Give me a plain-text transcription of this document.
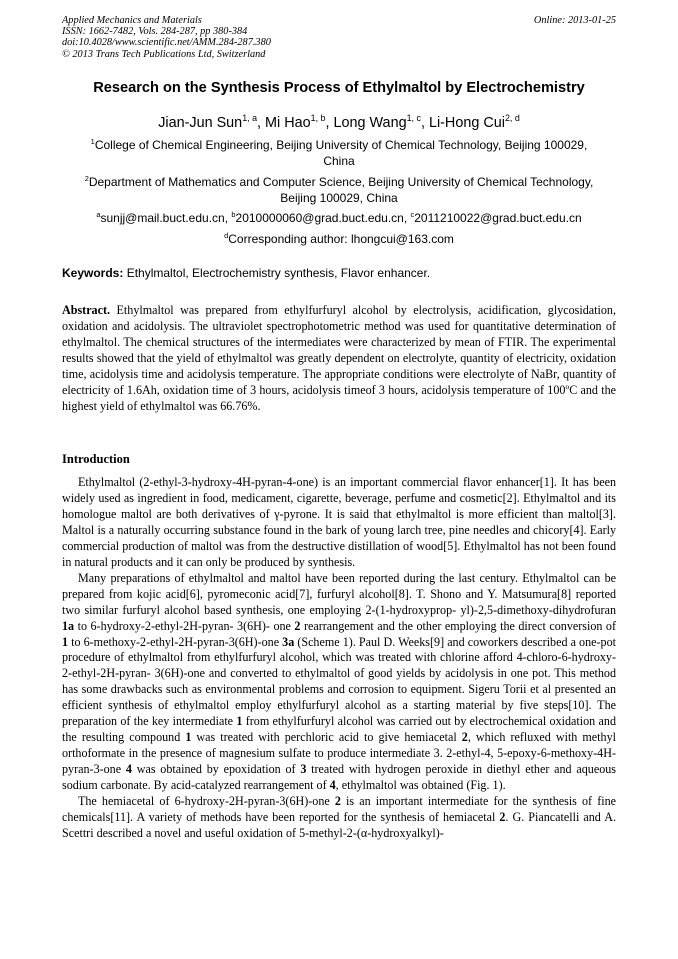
Applied Mechanics and Materials
ISSN: 1662-7482, Vols. 284-287, pp 380-384
doi:10.4028/www.scientific.net/AMM.284-287.380
© 2013 Trans Tech Publications Ltd, Switzerland
Online: 2013-01-25
Research on the Synthesis Process of Ethylmaltol by Electrochemistry
Jian-Jun Sun$^{1, a}$, Mi Hao$^{1, b}$, Long Wang$^{1, c}$, Li-Hong Cui$^{2, d}$
$^1$College of Chemical Engineering, Beijing University of Chemical Technology, Beijing 100029,
China
$^2$Department of Mathematics and Computer Science, Beijing University of Chemical Technology,
Beijing 100029, China
$^a$sunjj@mail.buct.edu.cn, $^b$2010000060@grad.buct.edu.cn, $^c$2011210022@grad.buct.edu.cn
$^d$Corresponding author: lhongcui@163.com
Keywords: Ethylmaltol, Electrochemistry synthesis, Flavor enhancer.

Abstract. Ethylmaltol was prepared from ethylfurfuryl alcohol by electrolysis, acidification, glycosidation, oxidation and acidolysis. The ultraviolet spectrophotometric method was used for quantitative determination of ethylmaltol. The chemical structures of the intermediates were characterized by mean of FTIR. The experimental results showed that the yield of ethylmaltol was greatly dependent on electrolyte, quantity of electricity, oxidation time, acidolysis time and acidolysis temperature. The appropriate conditions were electrolyte of NaBr, quantity of electricity of 1.6Ah, oxidation time of 3 hours, acidolysis timeof 3 hours, acidolysis temperature of 100$^o$C and the highest yield of ethylmaltol was 66.76%.

Introduction

Ethylmaltol (2-ethyl-3-hydroxy-4H-pyran-4-one) is an important commercial flavor enhancer[1]. It has been widely used as ingredient in food, medicament, cigarette, beverage, perfume and cosmetic[2]. Ethylmaltol and its homologue maltol are both derivatives of γ-pyrone. It is said that ethylmaltol is more efficient than maltol[3]. Maltol is a naturally occurring substance found in the bark of young larch tree, pine needles and chicory[4]. Early commercial production of maltol was from the destructive distillation of wood[5]. Ethylmaltol has not been found in natural products and it can only be produced by synthesis.

Many preparations of ethylmaltol and maltol have been reported during the last century. Ethylmaltol can be prepared from kojic acid[6], pyromeconic acid[7], furfuryl alcohol[8]. T. Shono and Y. Matsumura[8] reported two similar furfuryl alcohol based synthesis, one employing 2-(1-hydroxyprop- yl)-2,5-dimethoxy-dihydrofuran 1a to 6-hydroxy-2-ethyl-2H-pyran- 3(6H)- one 2 rearrangement and the other employing the direct conversion of 1 to 6-methoxy-2-ethyl-2H-pyran-3(6H)-one 3a (Scheme 1). Paul D. Weeks[9] and coworkers described a one-pot procedure of ethylmaltol from ethylfurfuryl alcohol, which was treated with chlorine afford 4-chloro-6-hydroxy-2-ethyl-2H-pyran- 3(6H)-one and converted to ethylmaltol of good yields by acidolysis in one pot. This method has some drawbacks such as environmental problems and corrosion to equipment. Sigeru Torii et al presented an efficient synthesis of ethylmaltol employ ethylfurfuryl alcohol as a starting material by five steps[10]. The preparation of the key intermediate 1 from ethylfurfuryl alcohol was carried out by electrochemical oxidation and the resulting compound 1 was treated with perchloric acid to give hemiacetal 2, which refluxed with methyl orthoformate in the presence of magnesium sulfate to produce intermediate 3. 2-ethyl-4, 5-epoxy-6-methoxy-4H-pyran-3-one 4 was obtained by epoxidation of 3 treated with hydrogen peroxide in diethyl ether and aqueous sodium carbonate. By acid-catalyzed rearrangement of 4, ethylmaltol was obtained (Fig. 1).

The hemiacetal of 6-hydroxy-2H-pyran-3(6H)-one 2 is an important intermediate for the synthesis of fine chemicals[11]. A variety of methods have been reported for the synthesis of hemiacetal 2. G. Piancatelli and A. Scettri described a novel and useful oxidation of 5-methyl-2-(α-hydroxyalkyl)-
